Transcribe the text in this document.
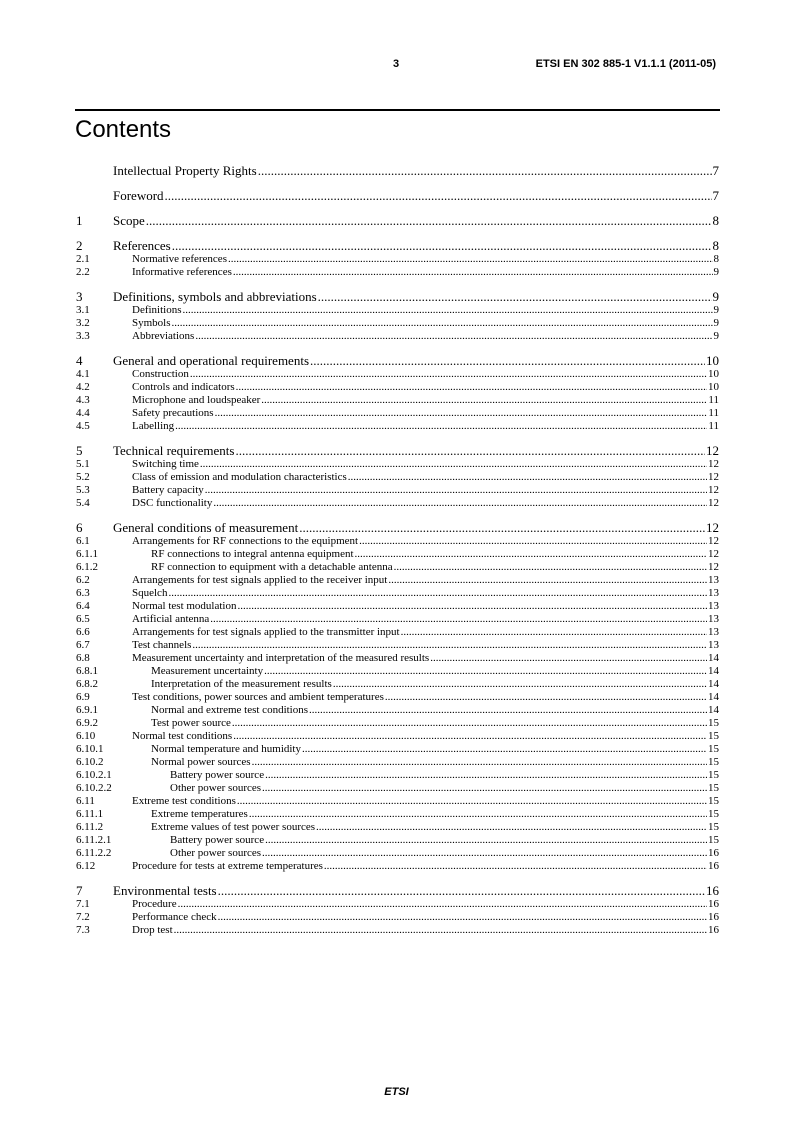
3	ETSI EN 302 885-1 V1.1.1 (2011-05)
Contents
Intellectual Property Rights .....	7
Foreword .....	7
1	Scope .....	8
2	References .....	8
2.1	Normative references .....	8
2.2	Informative references .....	9
3	Definitions, symbols and abbreviations .....	9
3.1	Definitions .....	9
3.2	Symbols .....	9
3.3	Abbreviations .....	9
4	General and operational requirements .....	10
4.1	Construction .....	10
4.2	Controls and indicators .....	10
4.3	Microphone and loudspeaker .....	11
4.4	Safety precautions .....	11
4.5	Labelling .....	11
5	Technical requirements .....	12
5.1	Switching time .....	12
5.2	Class of emission and modulation characteristics .....	12
5.3	Battery capacity .....	12
5.4	DSC functionality .....	12
6	General conditions of measurement .....	12
6.1	Arrangements for RF connections to the equipment .....	12
6.1.1	RF connections to integral antenna equipment .....	12
6.1.2	RF connection to equipment with a detachable antenna .....	12
6.2	Arrangements for test signals applied to the receiver input .....	13
6.3	Squelch .....	13
6.4	Normal test modulation .....	13
6.5	Artificial antenna .....	13
6.6	Arrangements for test signals applied to the transmitter input .....	13
6.7	Test channels .....	13
6.8	Measurement uncertainty and interpretation of the measured results .....	14
6.8.1	Measurement uncertainty .....	14
6.8.2	Interpretation of the measurement results .....	14
6.9	Test conditions, power sources and ambient temperatures .....	14
6.9.1	Normal and extreme test conditions .....	14
6.9.2	Test power source .....	15
6.10	Normal test conditions .....	15
6.10.1	Normal temperature and humidity .....	15
6.10.2	Normal power sources .....	15
6.10.2.1	Battery power source .....	15
6.10.2.2	Other power sources .....	15
6.11	Extreme test conditions .....	15
6.11.1	Extreme temperatures .....	15
6.11.2	Extreme values of test power sources .....	15
6.11.2.1	Battery power source .....	15
6.11.2.2	Other power sources .....	16
6.12	Procedure for tests at extreme temperatures .....	16
7	Environmental tests .....	16
7.1	Procedure .....	16
7.2	Performance check .....	16
7.3	Drop test .....	16
ETSI
